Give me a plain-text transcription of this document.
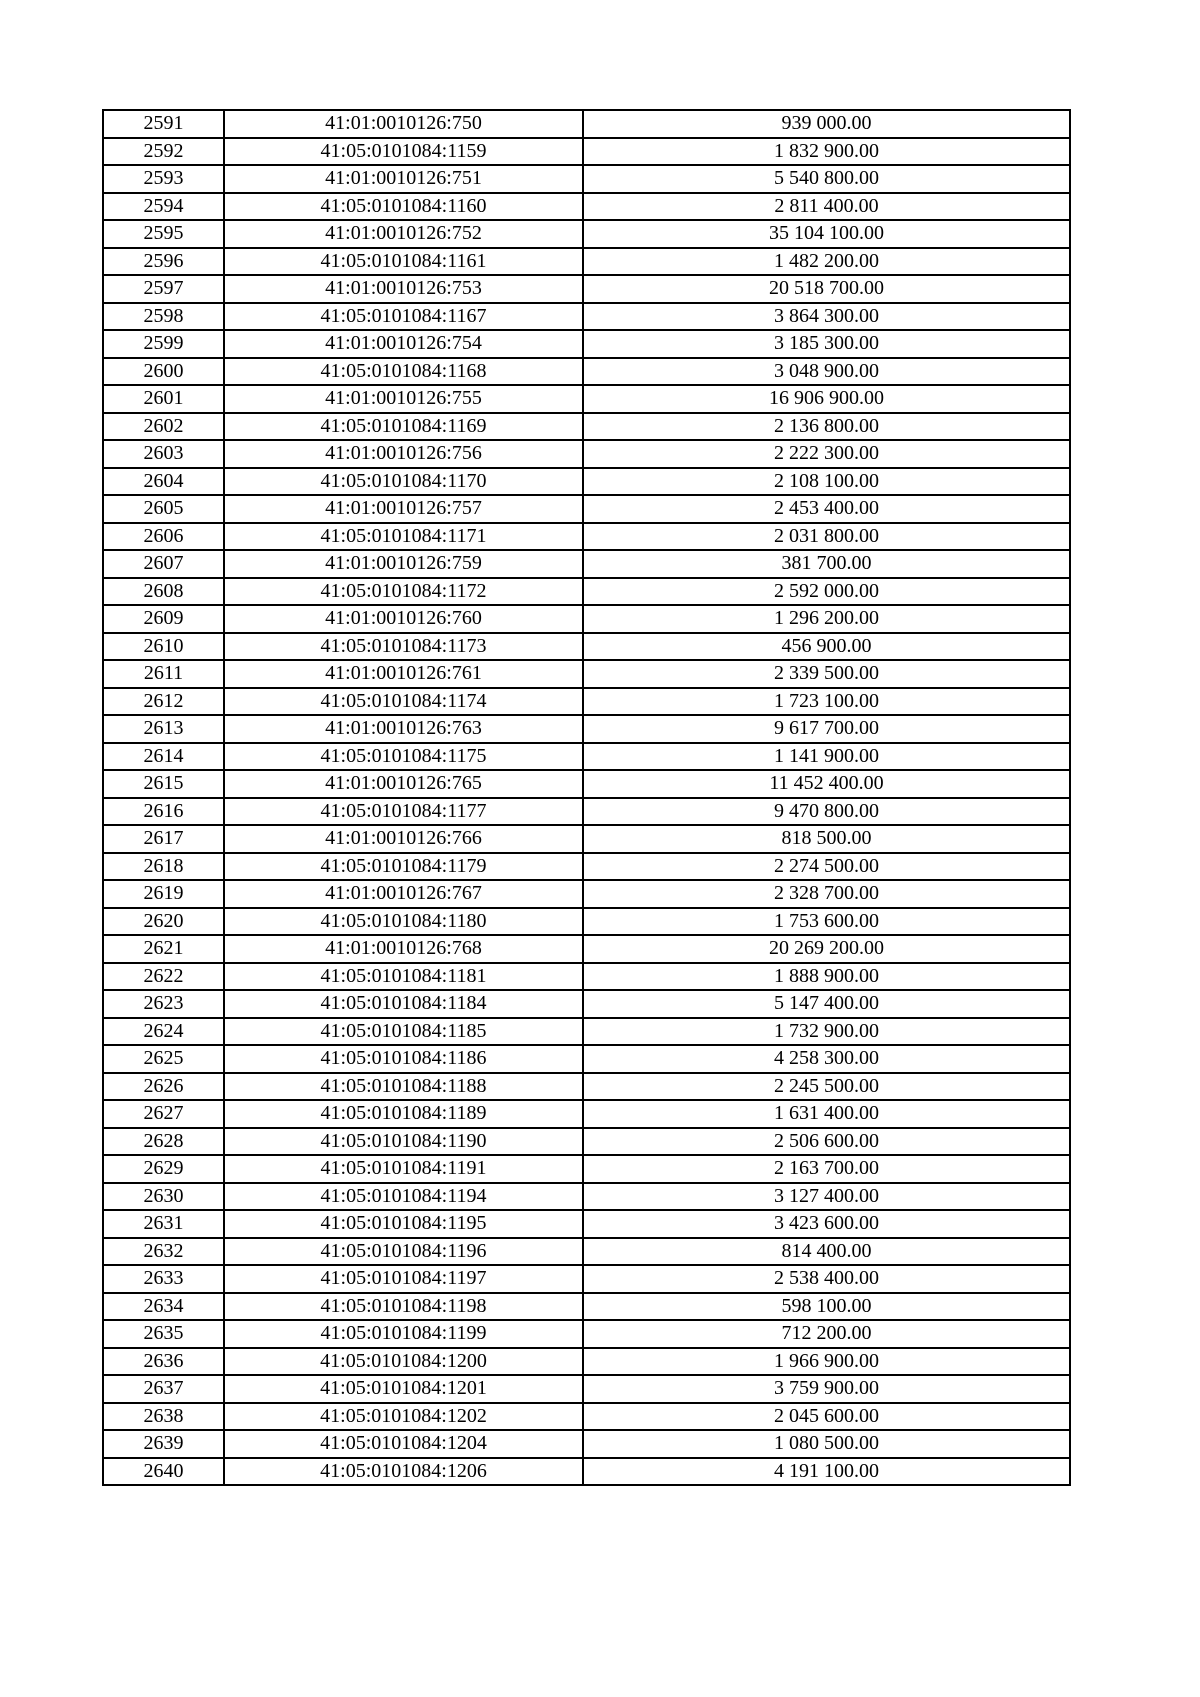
2591	41:01:0010126:750	939 000.00
2592	41:05:0101084:1159	1 832 900.00
2593	41:01:0010126:751	5 540 800.00
2594	41:05:0101084:1160	2 811 400.00
2595	41:01:0010126:752	35 104 100.00
2596	41:05:0101084:1161	1 482 200.00
2597	41:01:0010126:753	20 518 700.00
2598	41:05:0101084:1167	3 864 300.00
2599	41:01:0010126:754	3 185 300.00
2600	41:05:0101084:1168	3 048 900.00
2601	41:01:0010126:755	16 906 900.00
2602	41:05:0101084:1169	2 136 800.00
2603	41:01:0010126:756	2 222 300.00
2604	41:05:0101084:1170	2 108 100.00
2605	41:01:0010126:757	2 453 400.00
2606	41:05:0101084:1171	2 031 800.00
2607	41:01:0010126:759	381 700.00
2608	41:05:0101084:1172	2 592 000.00
2609	41:01:0010126:760	1 296 200.00
2610	41:05:0101084:1173	456 900.00
2611	41:01:0010126:761	2 339 500.00
2612	41:05:0101084:1174	1 723 100.00
2613	41:01:0010126:763	9 617 700.00
2614	41:05:0101084:1175	1 141 900.00
2615	41:01:0010126:765	11 452 400.00
2616	41:05:0101084:1177	9 470 800.00
2617	41:01:0010126:766	818 500.00
2618	41:05:0101084:1179	2 274 500.00
2619	41:01:0010126:767	2 328 700.00
2620	41:05:0101084:1180	1 753 600.00
2621	41:01:0010126:768	20 269 200.00
2622	41:05:0101084:1181	1 888 900.00
2623	41:05:0101084:1184	5 147 400.00
2624	41:05:0101084:1185	1 732 900.00
2625	41:05:0101084:1186	4 258 300.00
2626	41:05:0101084:1188	2 245 500.00
2627	41:05:0101084:1189	1 631 400.00
2628	41:05:0101084:1190	2 506 600.00
2629	41:05:0101084:1191	2 163 700.00
2630	41:05:0101084:1194	3 127 400.00
2631	41:05:0101084:1195	3 423 600.00
2632	41:05:0101084:1196	814 400.00
2633	41:05:0101084:1197	2 538 400.00
2634	41:05:0101084:1198	598 100.00
2635	41:05:0101084:1199	712 200.00
2636	41:05:0101084:1200	1 966 900.00
2637	41:05:0101084:1201	3 759 900.00
2638	41:05:0101084:1202	2 045 600.00
2639	41:05:0101084:1204	1 080 500.00
2640	41:05:0101084:1206	4 191 100.00
